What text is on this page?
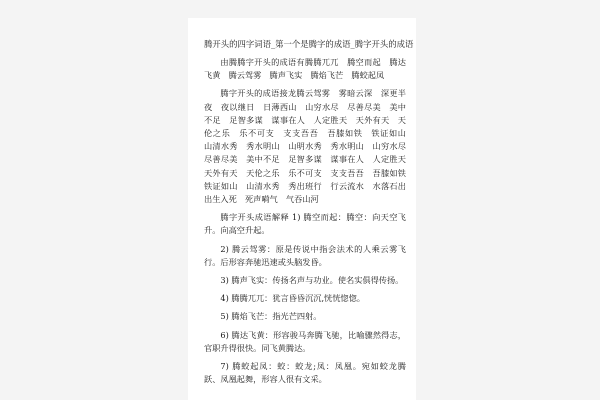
腾开头的四字词语_第一个是腾字的成语_腾字开头的成语

由腾腾字开头的成语有腾腾兀兀　腾空而起　腾达飞黄　腾云驾雾　腾声飞实　腾焰飞芒　腾蛟起凤

腾字开头的成语接龙腾云驾雾　雾暗云深　深更半夜　夜以继日　日薄西山　山穷水尽　尽善尽美　美中不足　足智多谋　谋事在人　人定胜天　天外有天　天伦之乐　乐不可支　支支吾吾　吾膝如铁　铁证如山　山清水秀　秀水明山　山明水秀　秀水明山　山穷水尽　尽善尽美　美中不足　足智多谋　谋事在人　人定胜天　天外有天　天伦之乐　乐不可支　支支吾吾　吾膝如铁　铁证如山　山清水秀　秀出班行　行云流水　水落石出　出生入死　死声嗬气　气吞山河

腾字开头成语解释 1) 腾空而起：腾空：向天空飞升。向高空升起。

2) 腾云驾雾：原是传说中指会法术的人乘云雾飞行。后形容奔驰迅速或头脑发昏。

3) 腾声飞实：传扬名声与功业。使名实俱得传扬。

4) 腾腾兀兀：犹言昏昏沉沉,恍恍惚惚。

5) 腾焰飞芒：指光芒四射。

6) 腾达飞黄：形容骏马奔腾飞驰，比喻骤然得志，官职升得很快。同飞黄腾达。

7) 腾蛟起凤：蛟：蛟龙;凤：凤凰。宛如蛟龙腾跃、凤凰起舞，形容人很有文采。
